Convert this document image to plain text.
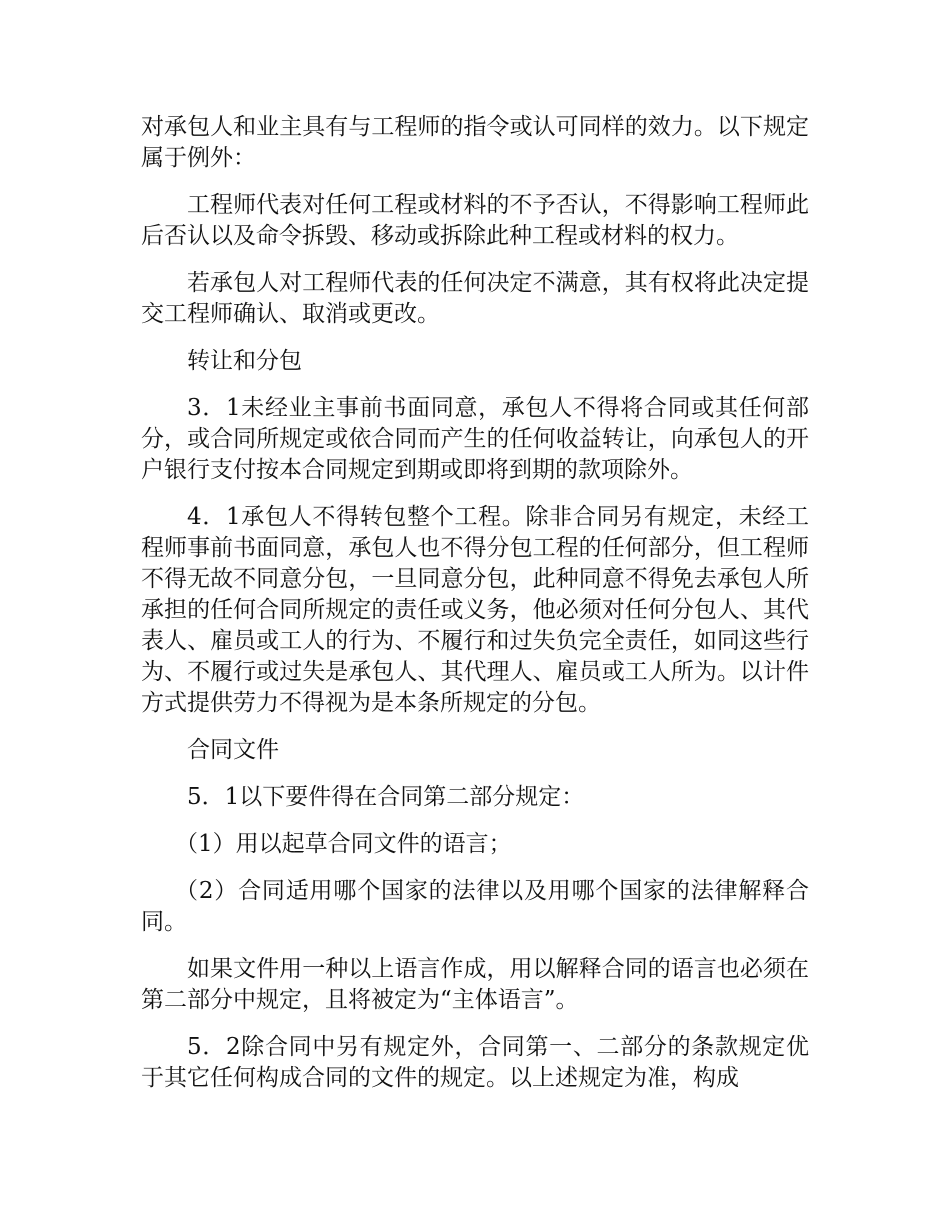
对承包人和业主具有与工程师的指令或认可同样的效力。以下规定属于例外：

工程师代表对任何工程或材料的不予否认，不得影响工程师此后否认以及命令拆毁、移动或拆除此种工程或材料的权力。

若承包人对工程师代表的任何决定不满意，其有权将此决定提交工程师确认、取消或更改。

转让和分包

3．1未经业主事前书面同意，承包人不得将合同或其任何部分，或合同所规定或依合同而产生的任何收益转让，向承包人的开户银行支付按本合同规定到期或即将到期的款项除外。

4．1承包人不得转包整个工程。除非合同另有规定，未经工程师事前书面同意，承包人也不得分包工程的任何部分，但工程师不得无故不同意分包，一旦同意分包，此种同意不得免去承包人所承担的任何合同所规定的责任或义务，他必须对任何分包人、其代表人、雇员或工人的行为、不履行和过失负完全责任，如同这些行为、不履行或过失是承包人、其代理人、雇员或工人所为。以计件方式提供劳力不得视为是本条所规定的分包。

合同文件

5．1以下要件得在合同第二部分规定：

（1）用以起草合同文件的语言；

（2）合同适用哪个国家的法律以及用哪个国家的法律解释合同。

如果文件用一种以上语言作成，用以解释合同的语言也必须在第二部分中规定，且将被定为“主体语言”。

5．2除合同中另有规定外，合同第一、二部分的条款规定优于其它任何构成合同的文件的规定。以上述规定为准，构成
